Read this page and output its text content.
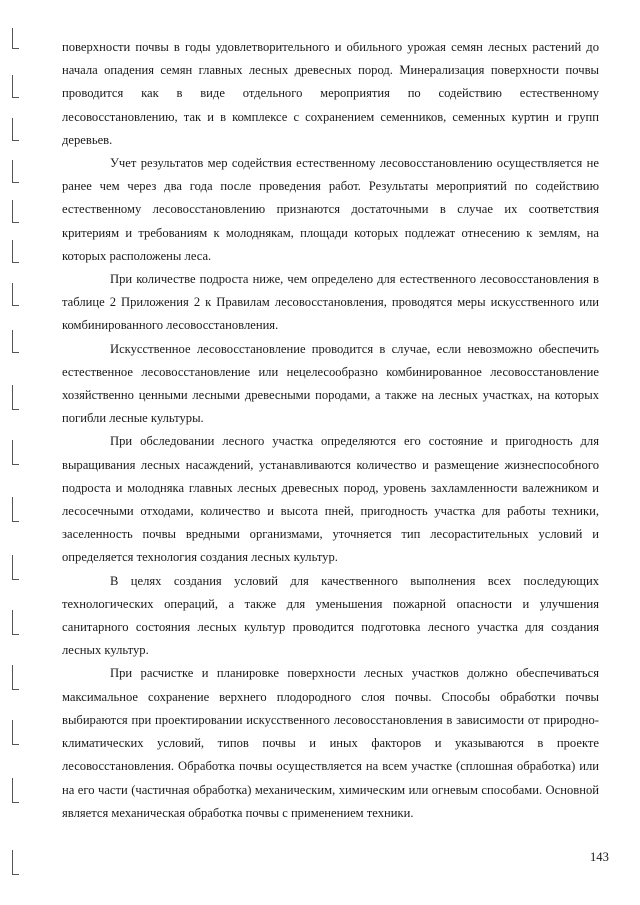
поверхности почвы в годы удовлетворительного и обильного урожая семян лесных растений до начала опадения семян главных лесных древесных пород. Минерализация поверхности почвы проводится как в виде отдельного мероприятия по содействию естественному лесовосстановлению, так и в комплексе с сохранением семенников, семенных куртин и групп деревьев.

Учет результатов мер содействия естественному лесовосстановлению осуществляется не ранее чем через два года после проведения работ. Результаты мероприятий по содействию естественному лесовосстановлению признаются достаточными в случае их соответствия критериям и требованиям к молоднякам, площади которых подлежат отнесению к землям, на которых расположены леса.

При количестве подроста ниже, чем определено для естественного лесовосстановления в таблице 2 Приложения 2 к Правилам лесовосстановления, проводятся меры искусственного или комбинированного лесовосстановления.

Искусственное лесовосстановление проводится в случае, если невозможно обеспечить естественное лесовосстановление или нецелесообразно комбинированное лесовосстановление хозяйственно ценными лесными древесными породами, а также на лесных участках, на которых погибли лесные культуры.

При обследовании лесного участка определяются его состояние и пригодность для выращивания лесных насаждений, устанавливаются количество и размещение жизнеспособного подроста и молодняка главных лесных древесных пород, уровень захламленности валежником и лесосечными отходами, количество и высота пней, пригодность участка для работы техники, заселенность почвы вредными организмами, уточняется тип лесорастительных условий и определяется технология создания лесных культур.

В целях создания условий для качественного выполнения всех последующих технологических операций, а также для уменьшения пожарной опасности и улучшения санитарного состояния лесных культур проводится подготовка лесного участка для создания лесных культур.

При расчистке и планировке поверхности лесных участков должно обеспечиваться максимальное сохранение верхнего плодородного слоя почвы. Способы обработки почвы выбираются при проектировании искусственного лесовосстановления в зависимости от природно-климатических условий, типов почвы и иных факторов и указываются в проекте лесовосстановления. Обработка почвы осуществляется на всем участке (сплошная обработка) или на его части (частичная обработка) механическим, химическим или огневым способами. Основной является механическая обработка почвы с применением техники.

143
